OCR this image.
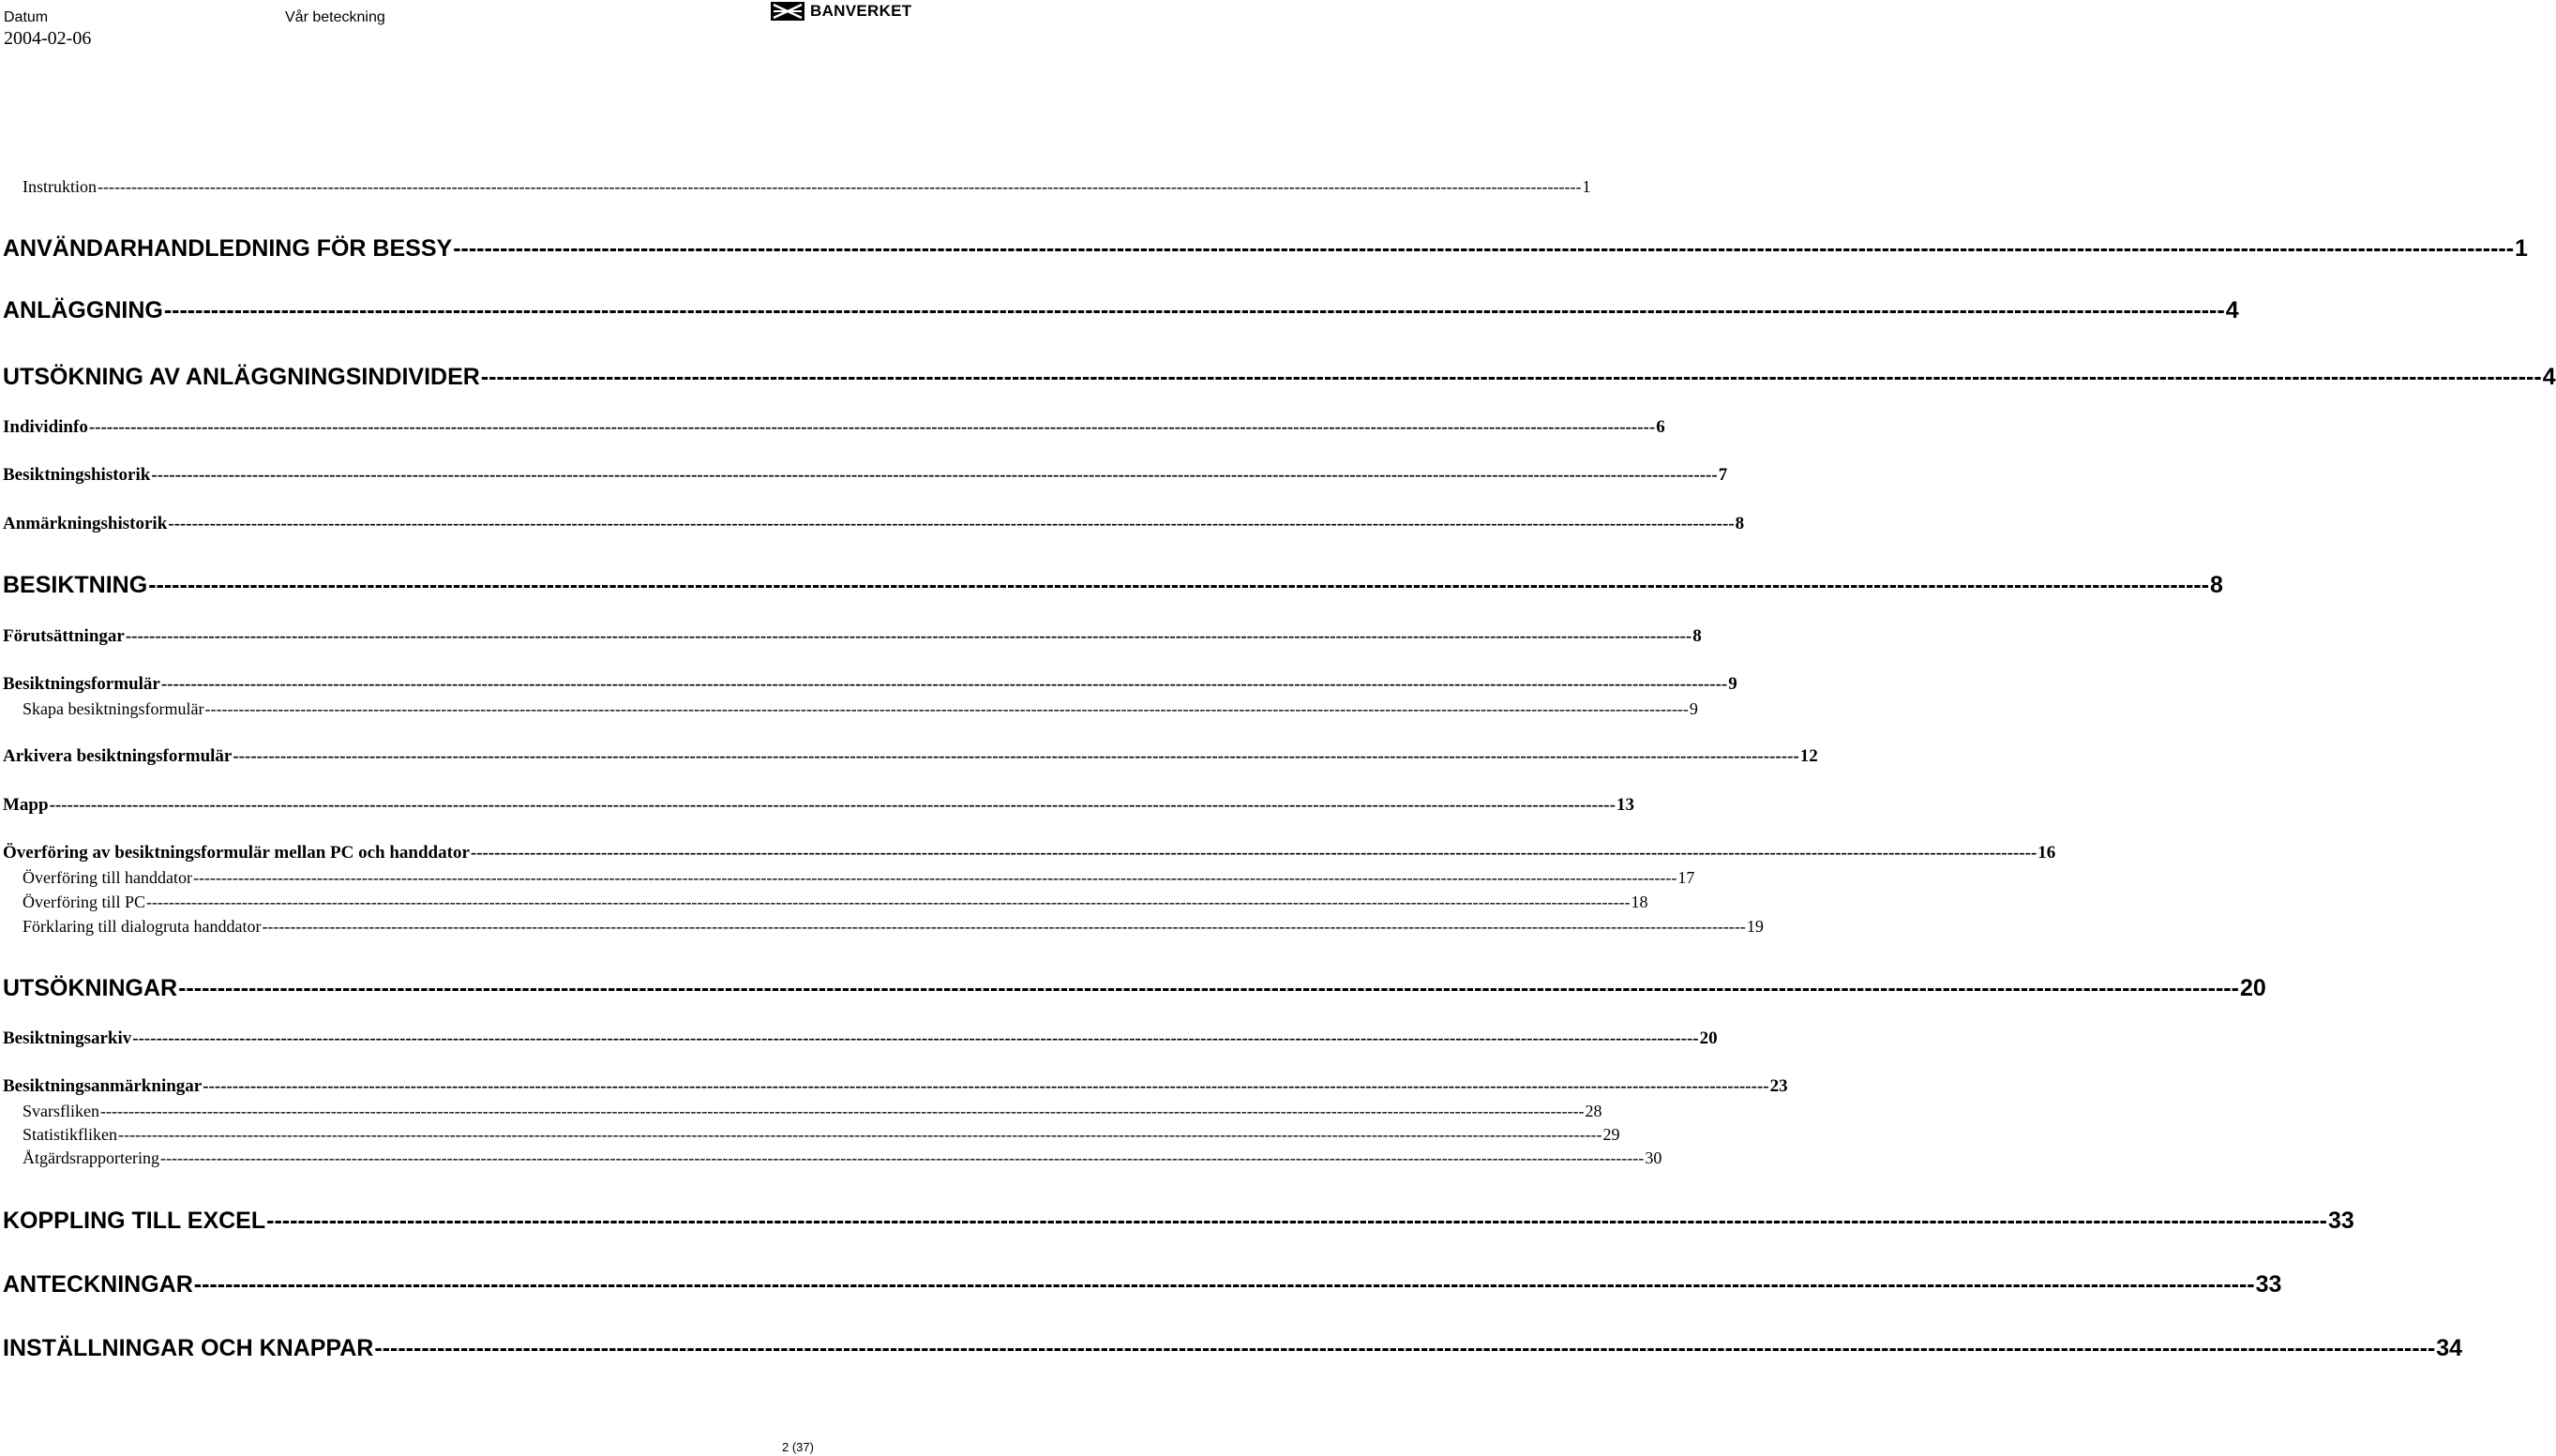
Datum
2004-02-06
Vår beteckning	BANVERKET
Instruktion -----	1
ANVÄNDARHANDLEDNING FÖR BESSY -----	1
ANLÄGGNING -----	4
UTSÖKNING AV ANLÄGGNINGSINDIVIDER -----	4
Individinfo -----	6
Besiktningshistorik -----	7
Anmärkningshistorik -----	8
BESIKTNING -----	8
Förutsättningar -----	8
Besiktningsformulär -----	9
Skapa besiktningsformulär -----	9
Arkivera besiktningsformulär -----	12
Mapp -----	13
Överföring av besiktningsformulär mellan PC och handdator -----	16
Överföring till handdator -----	17
Överföring till PC -----	18
Förklaring till dialogruta handdator -----	19
UTSÖKNINGAR -----	20
Besiktningsarkiv -----	20
Besiktningsanmärkningar -----	23
Svarsfliken -----	28
Statistikfliken -----	29
Åtgärdsrapportering -----	30
KOPPLING TILL EXCEL -----	33
ANTECKNINGAR -----	33
INSTÄLLNINGAR OCH KNAPPAR -----	34
2 (37)
